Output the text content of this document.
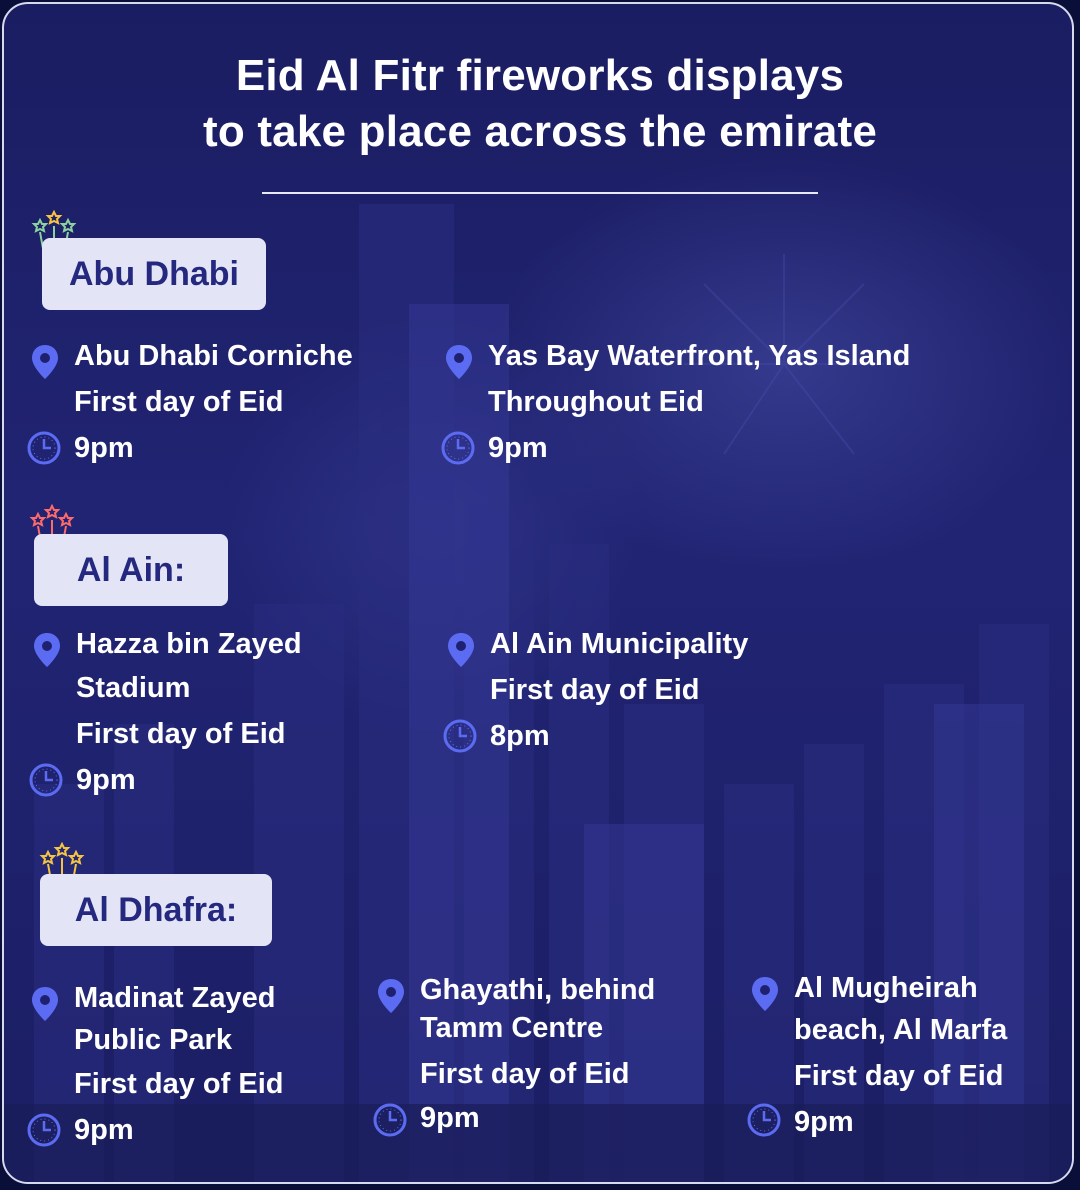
Eid Al Fitr fireworks displays
to take place across the emirate
Abu Dhabi
Abu Dhabi Corniche
First day of Eid
9pm
Yas Bay Waterfront, Yas Island
Throughout Eid
9pm
Al Ain:
Hazza bin Zayed
Stadium
First day of Eid
9pm
Al Ain Municipality
First day of Eid
8pm
Al Dhafra:
Madinat Zayed
Public Park
First day of Eid
9pm
Ghayathi, behind
Tamm Centre
First day of Eid
9pm
Al Mugheirah
beach, Al Marfa
First day of Eid
9pm
